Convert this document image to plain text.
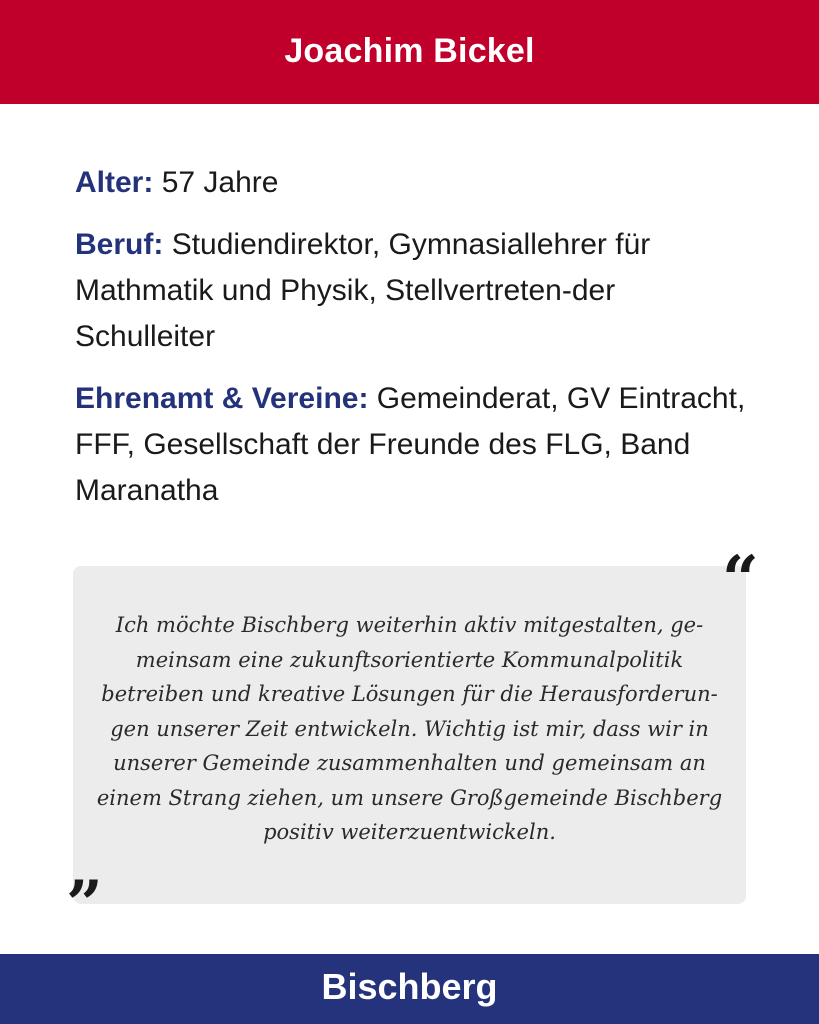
Joachim Bickel

Alter: 57 Jahre

Beruf: Studiendirektor, Gymnasiallehrer für Mathmatik und Physik, Stellvertreten-der Schulleiter

Ehrenamt & Vereine: Gemeinderat, GV Eintracht, FFF, Gesellschaft der Freunde des FLG, Band Maranatha

“
Ich möchte Bischberg weiterhin aktiv mitgestalten, ge-
meinsam eine zukunftsorientierte Kommunalpolitik
betreiben und kreative Lösungen für die Herausforderun-
gen unserer Zeit entwickeln. Wichtig ist mir, dass wir in
unserer Gemeinde zusammenhalten und gemeinsam an
einem Strang ziehen, um unsere Großgemeinde Bischberg
positiv weiterzuentwickeln.
”
Bischberg
